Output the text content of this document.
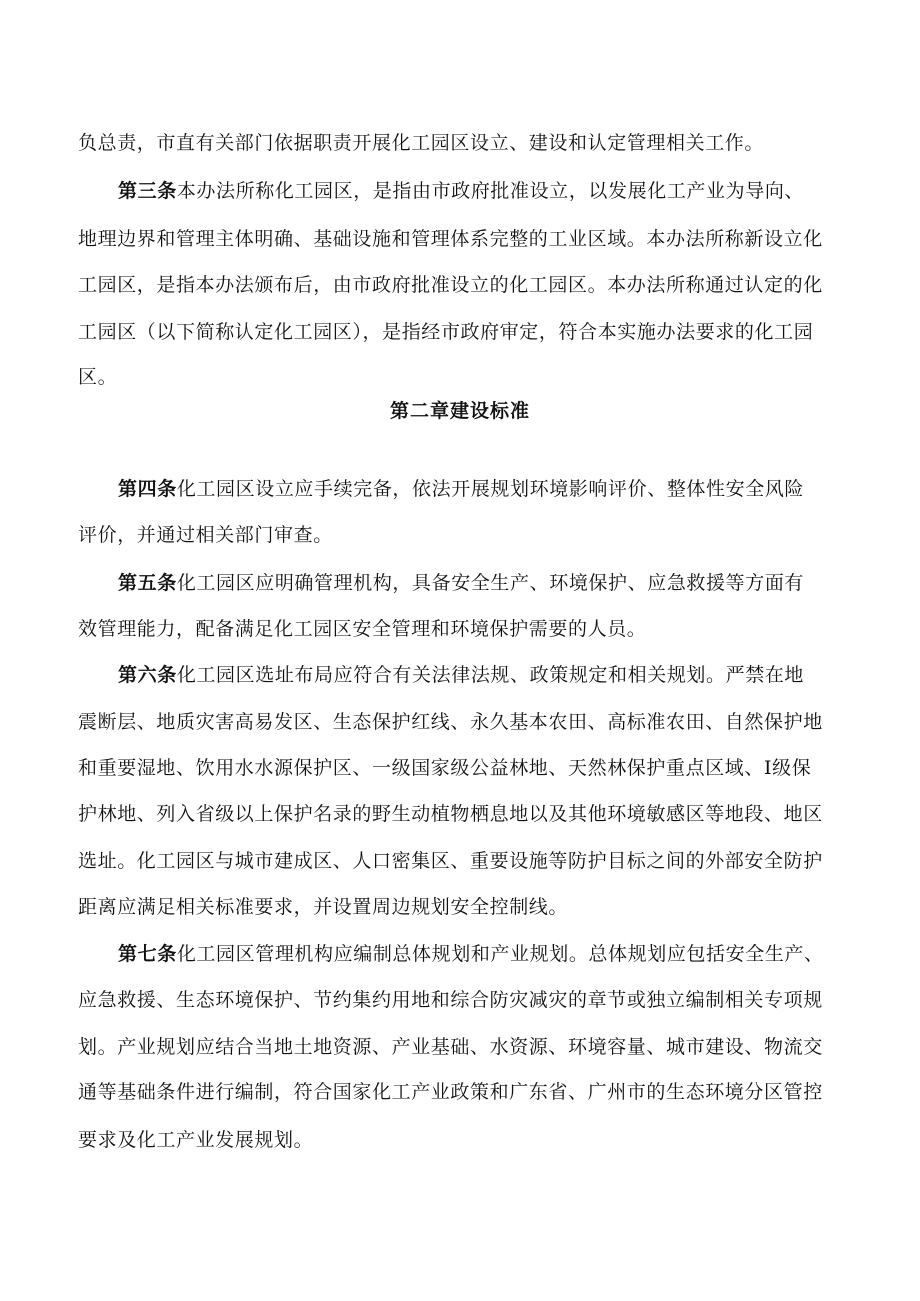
负总责，市直有关部门依据职责开展化工园区设立、建设和认定管理相关工作。
第三条本办法所称化工园区，是指由市政府批准设立，以发展化工产业为导向、
地理边界和管理主体明确、基础设施和管理体系完整的工业区域。本办法所称新设立化
工园区，是指本办法颁布后，由市政府批准设立的化工园区。本办法所称通过认定的化
工园区（以下简称认定化工园区），是指经市政府审定，符合本实施办法要求的化工园
区。
第二章建设标准
第四条化工园区设立应手续完备，依法开展规划环境影响评价、整体性安全风险
评价，并通过相关部门审查。
第五条化工园区应明确管理机构，具备安全生产、环境保护、应急救援等方面有
效管理能力，配备满足化工园区安全管理和环境保护需要的人员。
第六条化工园区选址布局应符合有关法律法规、政策规定和相关规划。严禁在地
震断层、地质灾害高易发区、生态保护红线、永久基本农田、高标准农田、自然保护地
和重要湿地、饮用水水源保护区、一级国家级公益林地、天然林保护重点区域、I级保
护林地、列入省级以上保护名录的野生动植物栖息地以及其他环境敏感区等地段、地区
选址。化工园区与城市建成区、人口密集区、重要设施等防护目标之间的外部安全防护
距离应满足相关标准要求，并设置周边规划安全控制线。
第七条化工园区管理机构应编制总体规划和产业规划。总体规划应包括安全生产、
应急救援、生态环境保护、节约集约用地和综合防灾减灾的章节或独立编制相关专项规
划。产业规划应结合当地土地资源、产业基础、水资源、环境容量、城市建设、物流交
通等基础条件进行编制，符合国家化工产业政策和广东省、广州市的生态环境分区管控
要求及化工产业发展规划。
